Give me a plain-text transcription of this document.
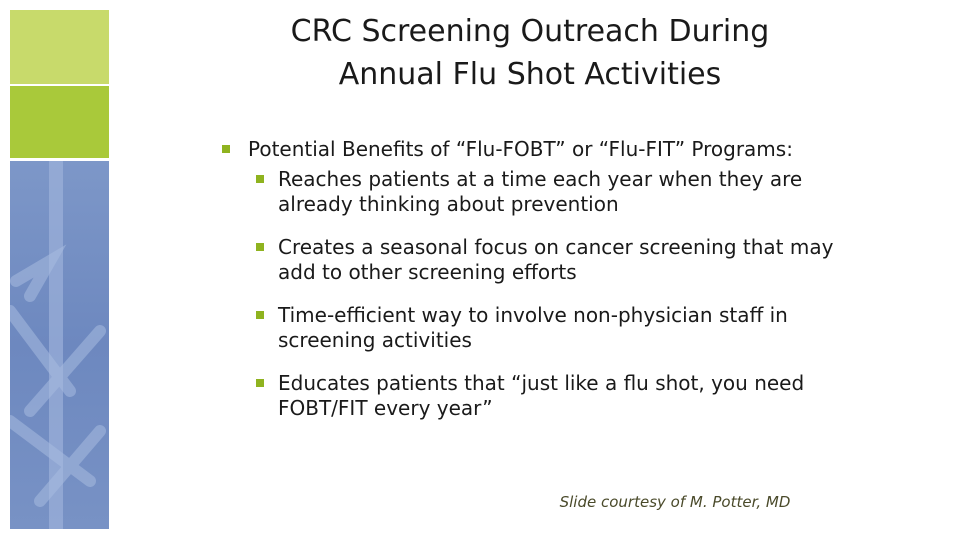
CRC Screening Outreach During
Annual Flu Shot Activities
Potential Benefits of “Flu-FOBT” or “Flu-FIT” Programs:
Reaches patients at a time each year when they are already thinking about prevention
Creates a seasonal focus on cancer screening that may add to other screening efforts
Time-efficient way to involve non-physician staff in screening activities
Educates patients that “just like a flu shot, you need FOBT/FIT every year”
Slide courtesy of M. Potter, MD
